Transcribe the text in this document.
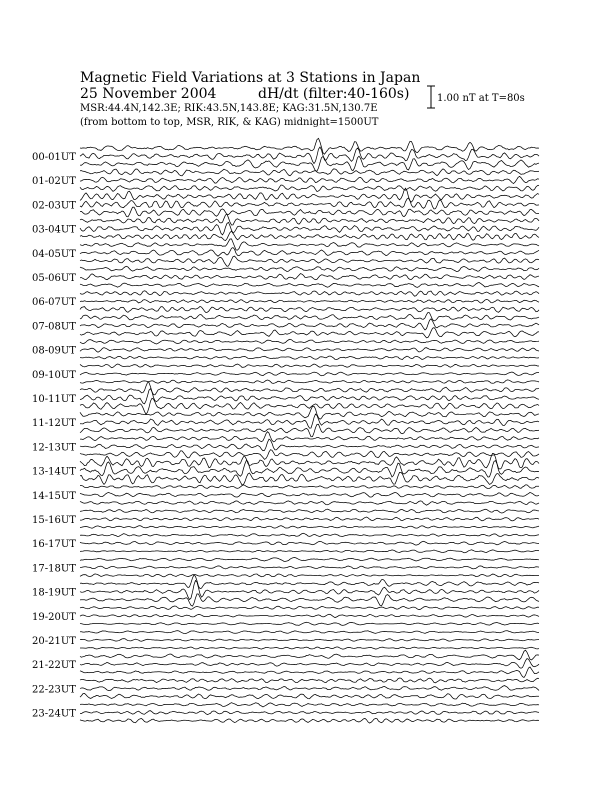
Magnetic Field Variations at 3 Stations in Japan
25 November 2004	dH/dt (filter:40-160s)
MSR:44.4N,142.3E; RIK:43.5N,143.8E; KAG:31.5N,130.7E
(from bottom to top, MSR, RIK, & KAG) midnight=1500UT
1.00 nT at T=80s
00-01UT
01-02UT
02-03UT
03-04UT
04-05UT
05-06UT
06-07UT
07-08UT
08-09UT
09-10UT
10-11UT
11-12UT
12-13UT
13-14UT
14-15UT
15-16UT
16-17UT
17-18UT
18-19UT
19-20UT
20-21UT
21-22UT
22-23UT
23-24UT
